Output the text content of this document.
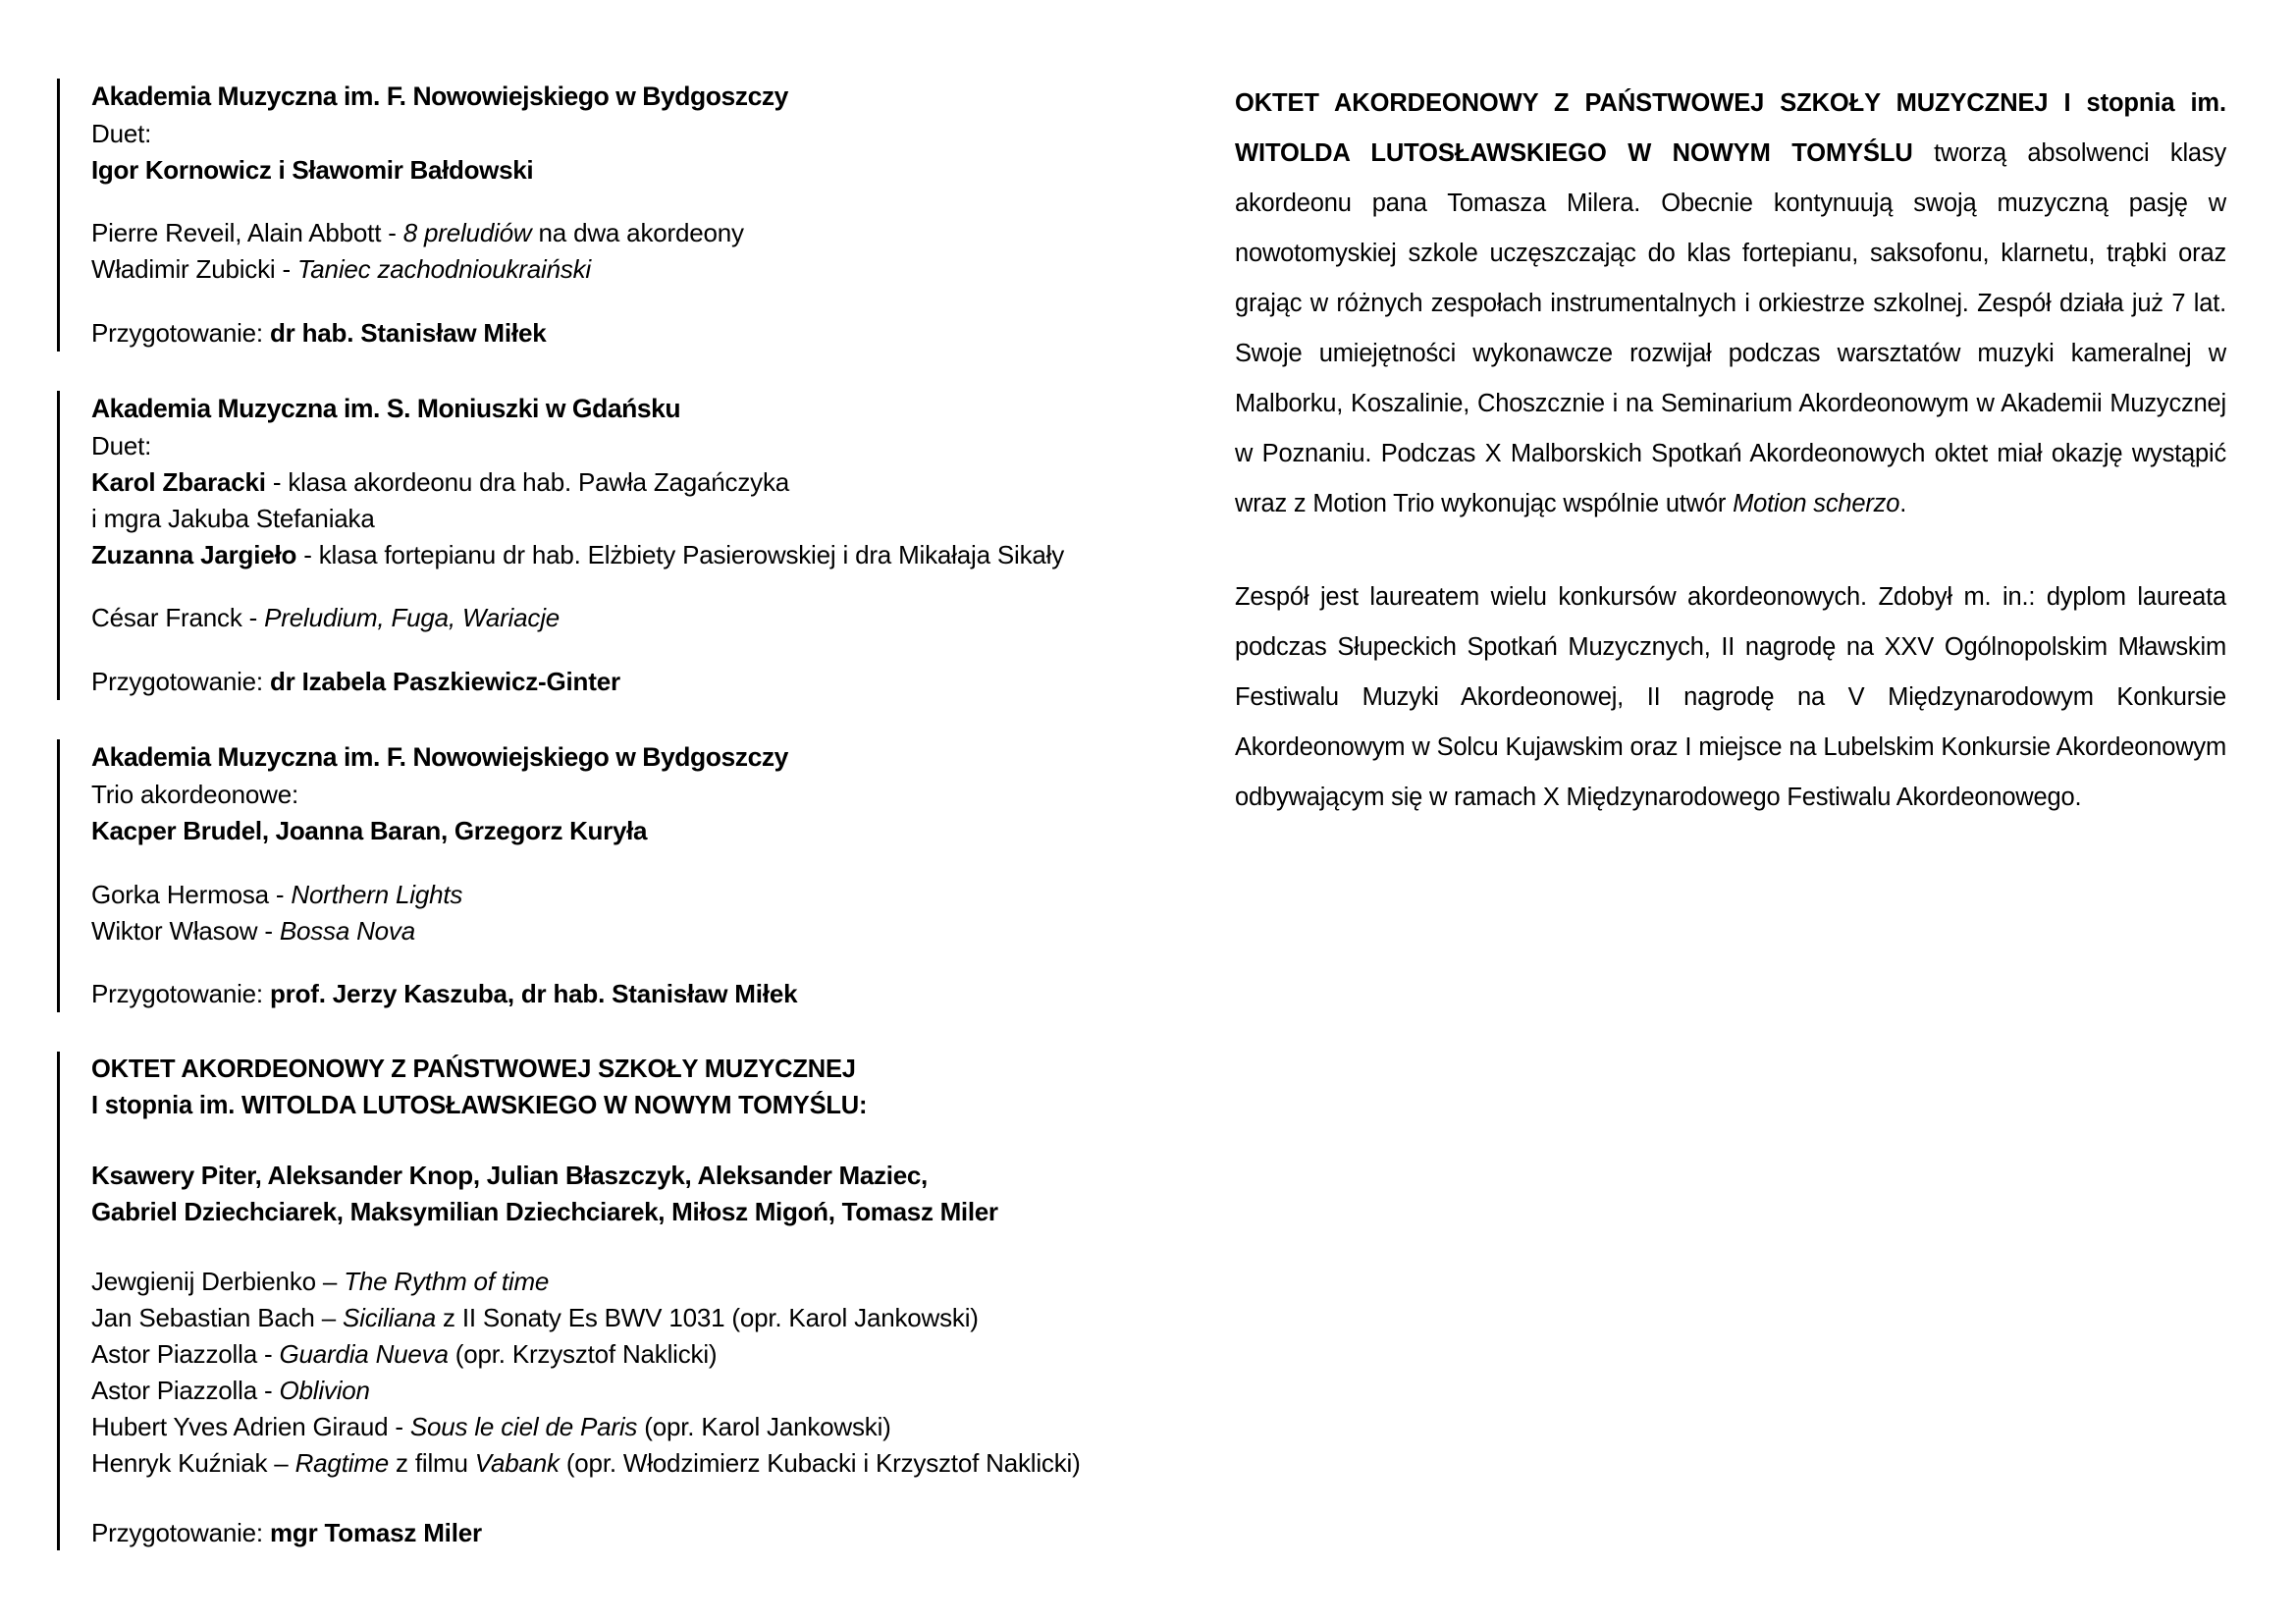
Akademia Muzyczna im. F. Nowowiejskiego w Bydgoszczy

Duet:

Igor Kornowicz i Sławomir Bałdowski

Pierre Reveil, Alain Abbott - 8 preludiów na dwa akordeony

Władimir Zubicki - Taniec zachodnioukraiński

Przygotowanie: dr hab. Stanisław Miłek

Akademia Muzyczna im. S. Moniuszki w Gdańsku

Duet:

Karol Zbaracki - klasa akordeonu dra hab. Pawła Zagańczyka

i mgra Jakuba Stefaniaka

Zuzanna Jargieło - klasa fortepianu dr hab. Elżbiety Pasierowskiej i dra Mikałaja Sikały

César Franck - Preludium, Fuga, Wariacje

Przygotowanie: dr Izabela Paszkiewicz-Ginter

Akademia Muzyczna im. F. Nowowiejskiego w Bydgoszczy

Trio akordeonowe:

Kacper Brudel, Joanna Baran, Grzegorz Kuryła

Gorka Hermosa - Northern Lights

Wiktor Własow - Bossa Nova

Przygotowanie: prof. Jerzy Kaszuba, dr hab. Stanisław Miłek

OKTET AKORDEONOWY Z PAŃSTWOWEJ SZKOŁY MUZYCZNEJ

I stopnia im. WITOLDA LUTOSŁAWSKIEGO W NOWYM TOMYŚLU:

Ksawery Piter, Aleksander Knop, Julian Błaszczyk, Aleksander Maziec,

Gabriel Dziechciarek, Maksymilian Dziechciarek, Miłosz Migoń, Tomasz Miler

Jewgienij Derbienko – The Rythm of time

Jan Sebastian Bach – Siciliana z II Sonaty Es BWV 1031 (opr. Karol Jankowski)

Astor Piazzolla - Guardia Nueva (opr. Krzysztof Naklicki)

Astor Piazzolla - Oblivion

Hubert Yves Adrien Giraud - Sous le ciel de Paris (opr. Karol Jankowski)

Henryk Kuźniak – Ragtime z filmu Vabank (opr. Włodzimierz Kubacki i Krzysztof Naklicki)

Przygotowanie: mgr Tomasz Miler

OKTET AKORDEONOWY Z PAŃSTWOWEJ SZKOŁY MUZYCZNEJ I stopnia im. WITOLDA LUTOSŁAWSKIEGO W NOWYM TOMYŚLU tworzą absolwenci klasy akordeonu pana Tomasza Milera. Obecnie kontynuują swoją muzyczną pasję w nowotomyskiej szkole uczęszczając do klas fortepianu, saksofonu, klarnetu, trąbki oraz grając w różnych zespołach instrumentalnych i orkiestrze szkolnej. Zespół działa już 7 lat. Swoje umiejętności wykonawcze rozwijał podczas warsztatów muzyki kameralnej w Malborku, Koszalinie, Choszcznie i na Seminarium Akordeonowym w Akademii Muzycznej w Poznaniu. Podczas X Malborskich Spotkań Akordeonowych oktet miał okazję wystąpić wraz z Motion Trio wykonując wspólnie utwór Motion scherzo.

Zespół jest laureatem wielu konkursów akordeonowych. Zdobył m. in.: dyplom laureata podczas Słupeckich Spotkań Muzycznych, II nagrodę na XXV Ogólnopolskim Mławskim Festiwalu Muzyki Akordeonowej, II nagrodę na V Międzynarodowym Konkursie Akordeonowym w Solcu Kujawskim oraz I miejsce na Lubelskim Konkursie Akordeonowym odbywającym się w ramach X Międzynarodowego Festiwalu Akordeonowego.
